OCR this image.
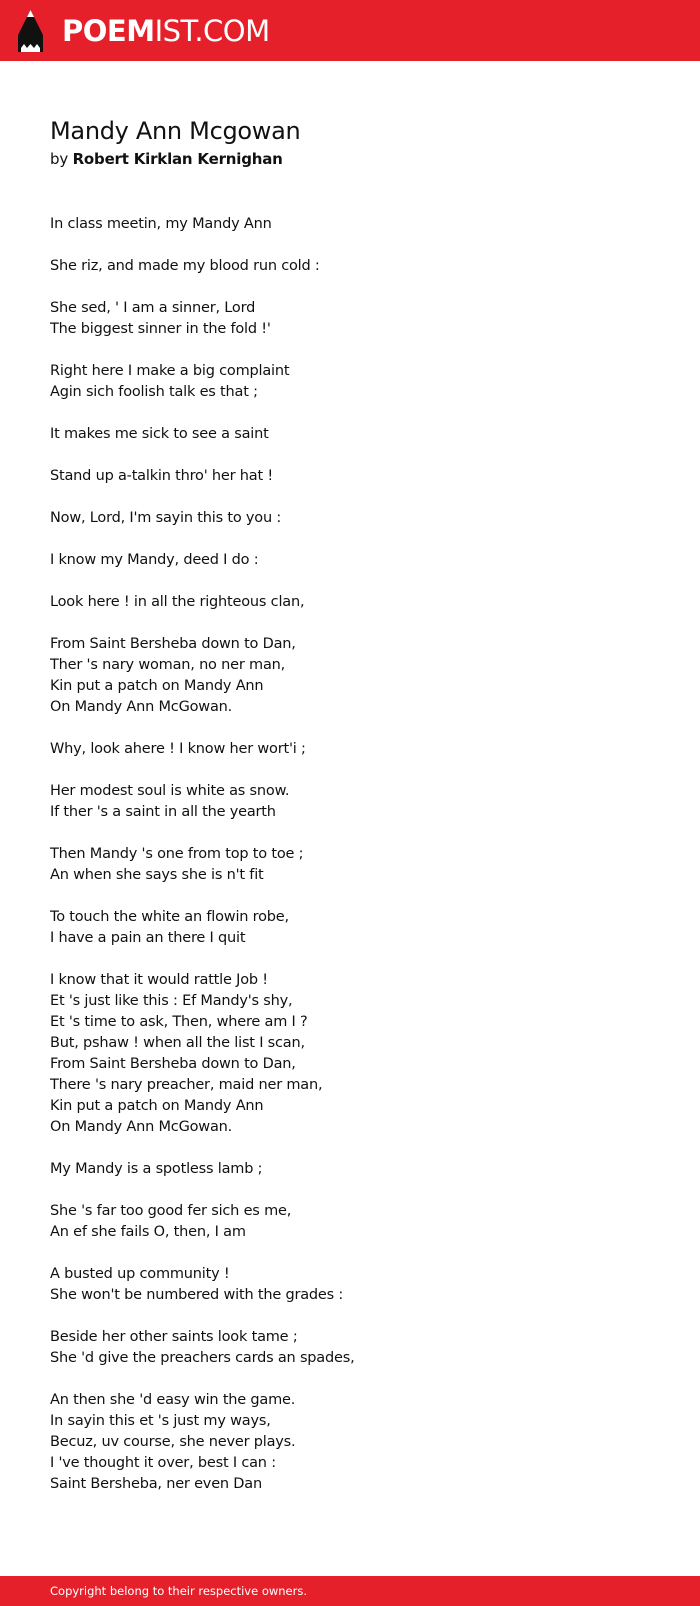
POEMIST.COM
Mandy Ann Mcgowan

by Robert Kirklan Kernighan

In class meetin, my Mandy Ann

She riz, and made my blood run cold :

She sed, ' I am a sinner, Lord
The biggest sinner in the fold !'

Right here I make a big complaint
Agin sich foolish talk es that ;

It makes me sick to see a saint

Stand up a-talkin thro' her hat !

Now, Lord, I'm sayin this to you :

I know my Mandy, deed I do :

Look here ! in all the righteous clan,

From Saint Bersheba down to Dan,
Ther 's nary woman, no ner man,
Kin put a patch on Mandy Ann
On Mandy Ann McGowan.

Why, look ahere ! I know her wort'i ;

Her modest soul is white as snow.
If ther 's a saint in all the yearth

Then Mandy 's one from top to toe ;
An when she says she is n't fit

To touch the white an flowin robe,
I have a pain an there I quit

I know that it would rattle Job !
Et 's just like this : Ef Mandy's shy,
Et 's time to ask, Then, where am I ?
But, pshaw ! when all the list I scan,
From Saint Bersheba down to Dan,
There 's nary preacher, maid ner man,
Kin put a patch on Mandy Ann
On Mandy Ann McGowan.

My Mandy is a spotless lamb ;

She 's far too good fer sich es me,
An ef she fails O, then, I am

A busted up community !
She won't be numbered with the grades :

Beside her other saints look tame ;
She 'd give the preachers cards an spades,

An then she 'd easy win the game.
In sayin this et 's just my ways,
Becuz, uv course, she never plays.
I 've thought it over, best I can :
Saint Bersheba, ner even Dan

Copyright belong to their respective owners.
